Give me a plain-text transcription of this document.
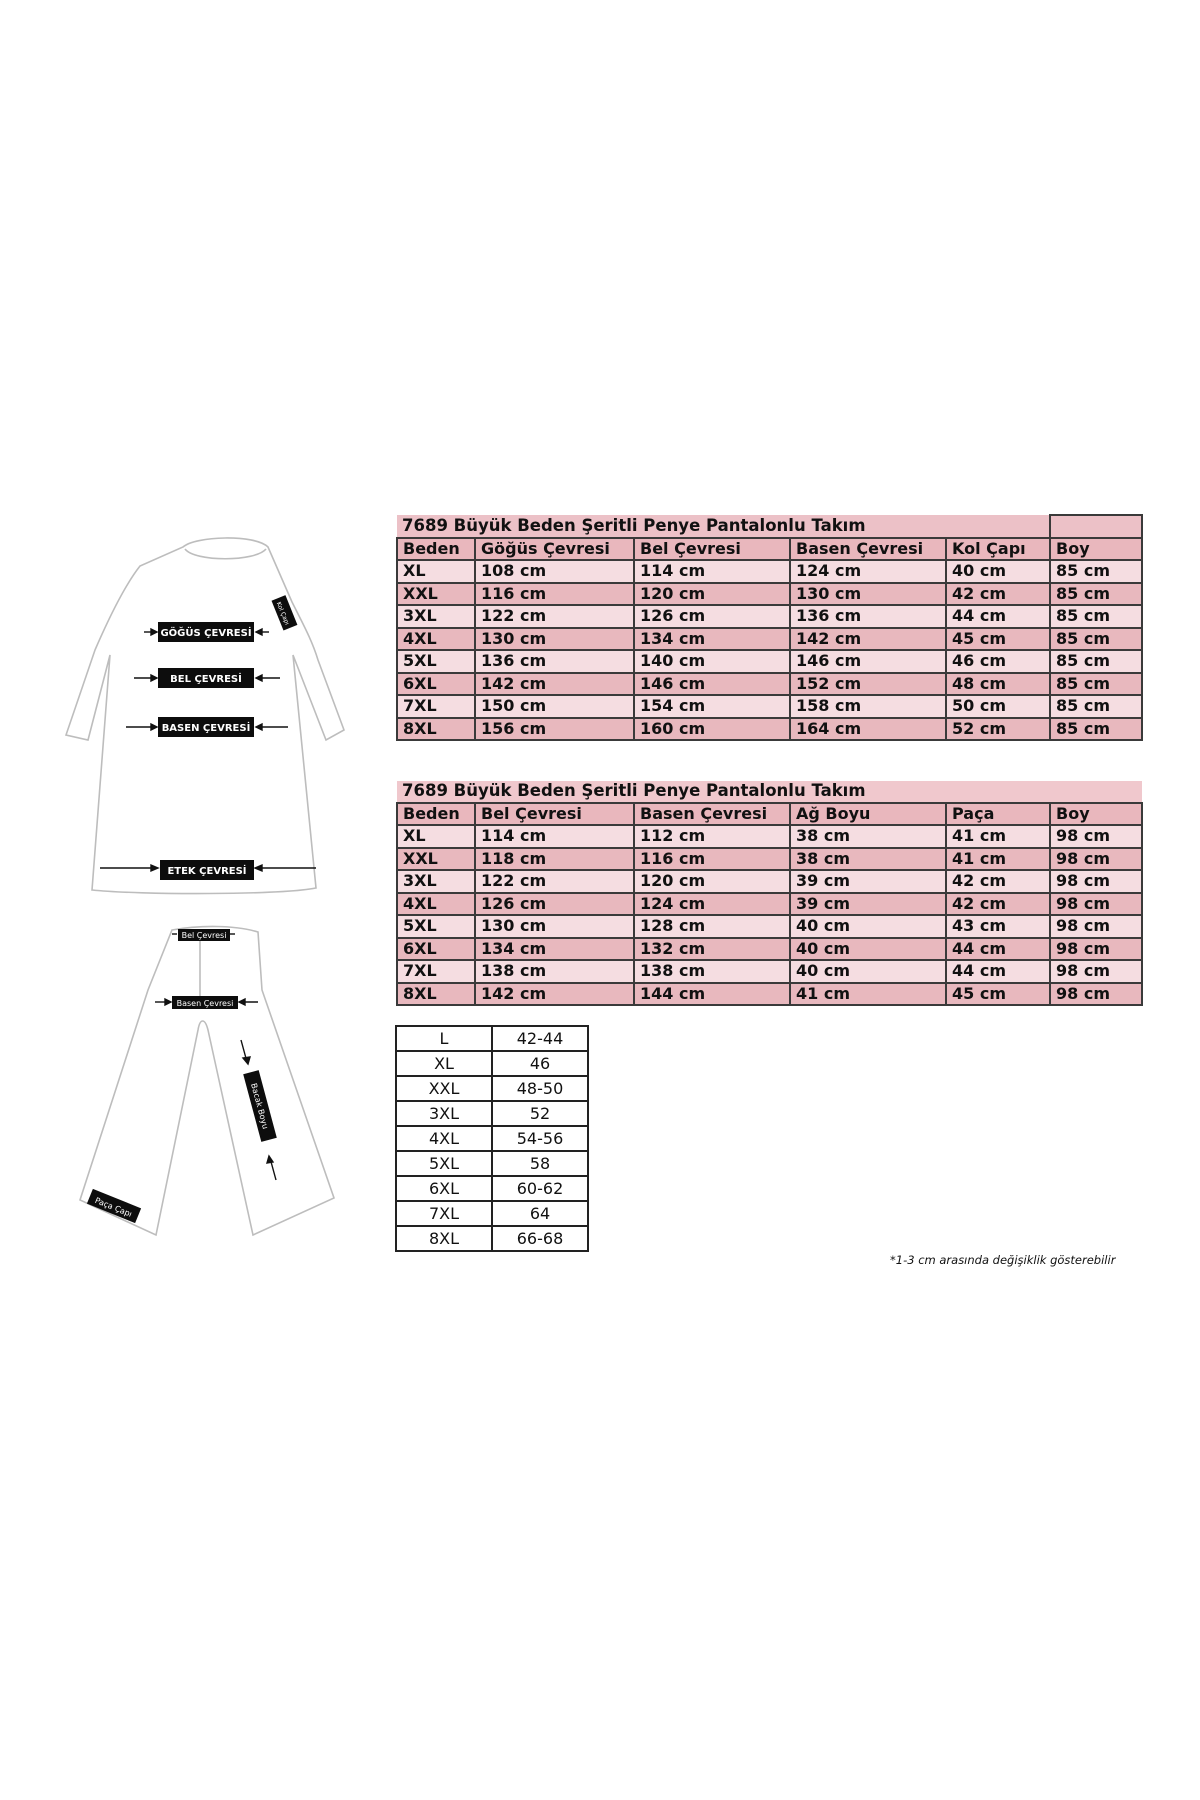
GÖĞÜS ÇEVRESİ
BEL ÇEVRESİ
BASEN ÇEVRESİ
ETEK ÇEVRESİ
Kol Çapı
Bel Çevresi
Basen Çevresi
Bacak Boyu
Paça Çapı
7689 Büyük Beden Şeritli Penye Pantalonlu Takım					
Beden	Göğüs Çevresi	Bel Çevresi	Basen Çevresi	Kol Çapı	Boy
XL	108 cm	114 cm	124 cm	40 cm	85 cm
XXL	116 cm	120 cm	130 cm	42 cm	85 cm
3XL	122 cm	126 cm	136 cm	44 cm	85 cm
4XL	130 cm	134 cm	142 cm	45 cm	85 cm
5XL	136 cm	140 cm	146 cm	46 cm	85 cm
6XL	142 cm	146 cm	152 cm	48 cm	85 cm
7XL	150 cm	154 cm	158 cm	50 cm	85 cm
8XL	156 cm	160 cm	164 cm	52 cm	85 cm
7689 Büyük Beden Şeritli Penye Pantalonlu Takım					
Beden	Bel Çevresi	Basen Çevresi	Ağ Boyu	Paça	Boy
XL	114 cm	112 cm	38 cm	41 cm	98 cm
XXL	118 cm	116 cm	38 cm	41 cm	98 cm
3XL	122 cm	120 cm	39 cm	42 cm	98 cm
4XL	126 cm	124 cm	39 cm	42 cm	98 cm
5XL	130 cm	128 cm	40 cm	43 cm	98 cm
6XL	134 cm	132 cm	40 cm	44 cm	98 cm
7XL	138 cm	138 cm	40 cm	44 cm	98 cm
8XL	142 cm	144 cm	41 cm	45 cm	98 cm
L	42-44
XL	46
XXL	48-50
3XL	52
4XL	54-56
5XL	58
6XL	60-62
7XL	64
8XL	66-68
*1-3 cm arasında değişiklik gösterebilir
